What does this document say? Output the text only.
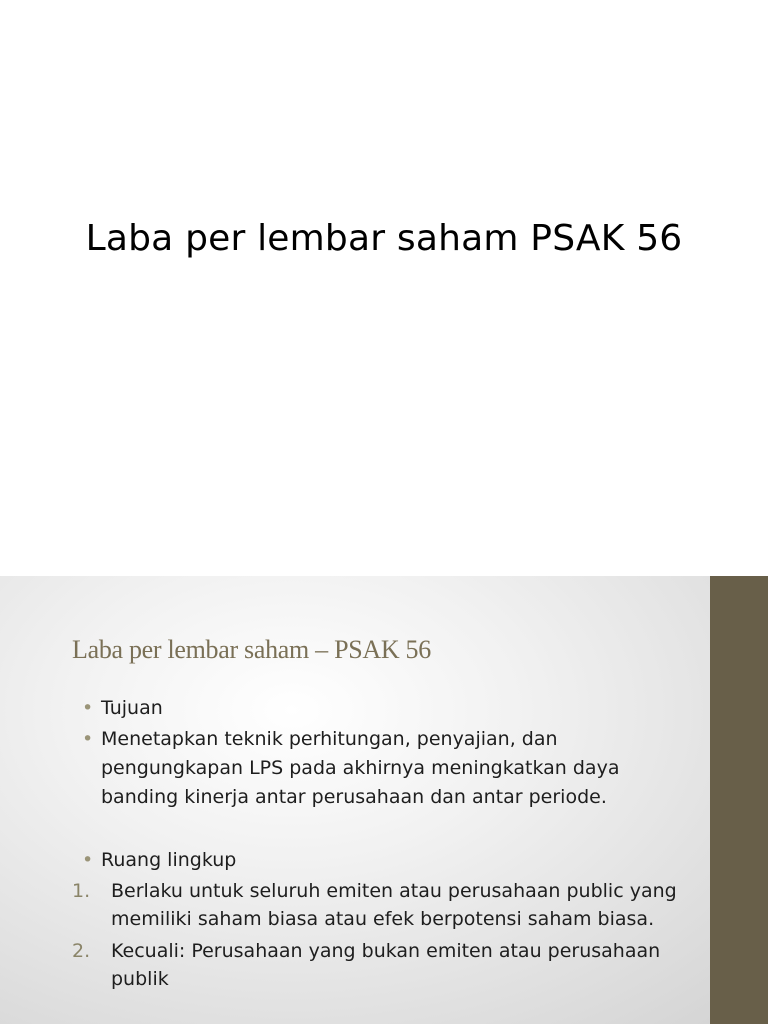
Laba per lembar saham PSAK 56
Laba per lembar saham – PSAK 56
• Tujuan
• Menetapkan teknik perhitungan, penyajian, dan pengungkapan LPS pada akhirnya meningkatkan daya banding kinerja antar perusahaan dan antar periode.
• Ruang lingkup
1. Berlaku untuk seluruh emiten atau perusahaan public yang memiliki saham biasa atau efek berpotensi saham biasa.
2. Kecuali: Perusahaan yang bukan emiten atau perusahaan publik
